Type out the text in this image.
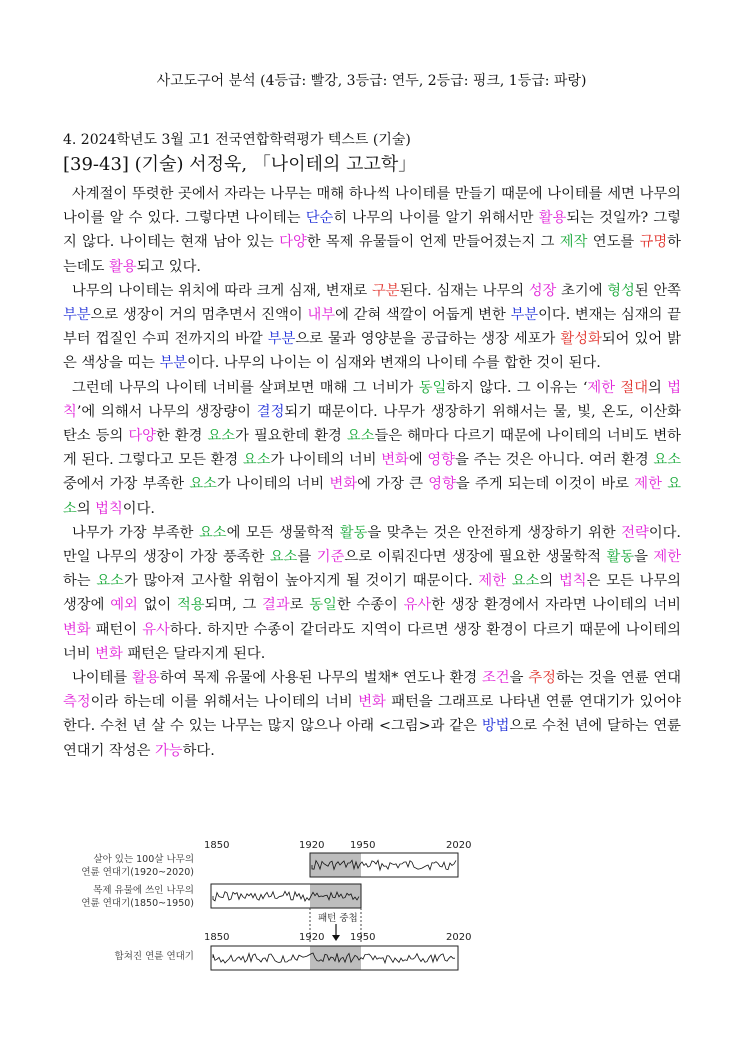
사고도구어 분석 (4등급: 빨강, 3등급: 연두, 2등급: 핑크, 1등급: 파랑)
4. 2024학년도 3월 고1 전국연합학력평가 텍스트 (기술)
[39-43] (기술) 서정욱, 「나이테의 고고학」
사계절이 뚜렷한 곳에서 자라는 나무는 매해 하나씩 나이테를 만들기 때문에 나이테를 세면 나무의 나이를 알 수 있다. 그렇다면 나이테는 단순히 나무의 나이를 알기 위해서만 활용되는 것일까? 그렇지 않다. 나이테는 현재 남아 있는 다양한 목제 유물들이 언제 만들어졌는지 그 제작 연도를 규명하는데도 활용되고 있다.
나무의 나이테는 위치에 따라 크게 심재, 변재로 구분된다. 심재는 나무의 성장 초기에 형성된 안쪽 부분으로 생장이 거의 멈추면서 진액이 내부에 갇혀 색깔이 어둡게 변한 부분이다. 변재는 심재의 끝부터 껍질인 수피 전까지의 바깥 부분으로 물과 영양분을 공급하는 생장 세포가 활성화되어 있어 밝은 색상을 띠는 부분이다. 나무의 나이는 이 심재와 변재의 나이테 수를 합한 것이 된다.
그런데 나무의 나이테 너비를 살펴보면 매해 그 너비가 동일하지 않다. 그 이유는 ‘제한 절대의 법칙’에 의해서 나무의 생장량이 결정되기 때문이다. 나무가 생장하기 위해서는 물, 빛, 온도, 이산화 탄소 등의 다양한 환경 요소가 필요한데 환경 요소들은 해마다 다르기 때문에 나이테의 너비도 변하게 된다. 그렇다고 모든 환경 요소가 나이테의 너비 변화에 영향을 주는 것은 아니다. 여러 환경 요소 중에서 가장 부족한 요소가 나이테의 너비 변화에 가장 큰 영향을 주게 되는데 이것이 바로 제한 요소의 법칙이다.
나무가 가장 부족한 요소에 모든 생물학적 활동을 맞추는 것은 안전하게 생장하기 위한 전략이다. 만일 나무의 생장이 가장 풍족한 요소를 기준으로 이뤄진다면 생장에 필요한 생물학적 활동을 제한하는 요소가 많아져 고사할 위험이 높아지게 될 것이기 때문이다. 제한 요소의 법칙은 모든 나무의 생장에 예외 없이 적용되며, 그 결과로 동일한 수종이 유사한 생장 환경에서 자라면 나이테의 너비 변화 패턴이 유사하다. 하지만 수종이 같더라도 지역이 다르면 생장 환경이 다르기 때문에 나이테의 너비 변화 패턴은 달라지게 된다.
나이테를 활용하여 목제 유물에 사용된 나무의 벌채* 연도나 환경 조건을 추정하는 것을 연륜 연대 측정이라 하는데 이를 위해서는 나이테의 너비 변화 패턴을 그래프로 나타낸 연륜 연대기가 있어야 한다. 수천 년 살 수 있는 나무는 많지 않으나 아래 <그림>과 같은 방법으로 수천 년에 달하는 연륜 연대기 작성은 가능하다.
1850	1920	1950	2020
살아 있는 100살 나무의
연륜 연대기(1920~2020)
목제 유물에 쓰인 나무의
연륜 연대기(1850~1950)
패턴 중첩
1850	1920	1950	2020
합쳐진 연륜 연대기
